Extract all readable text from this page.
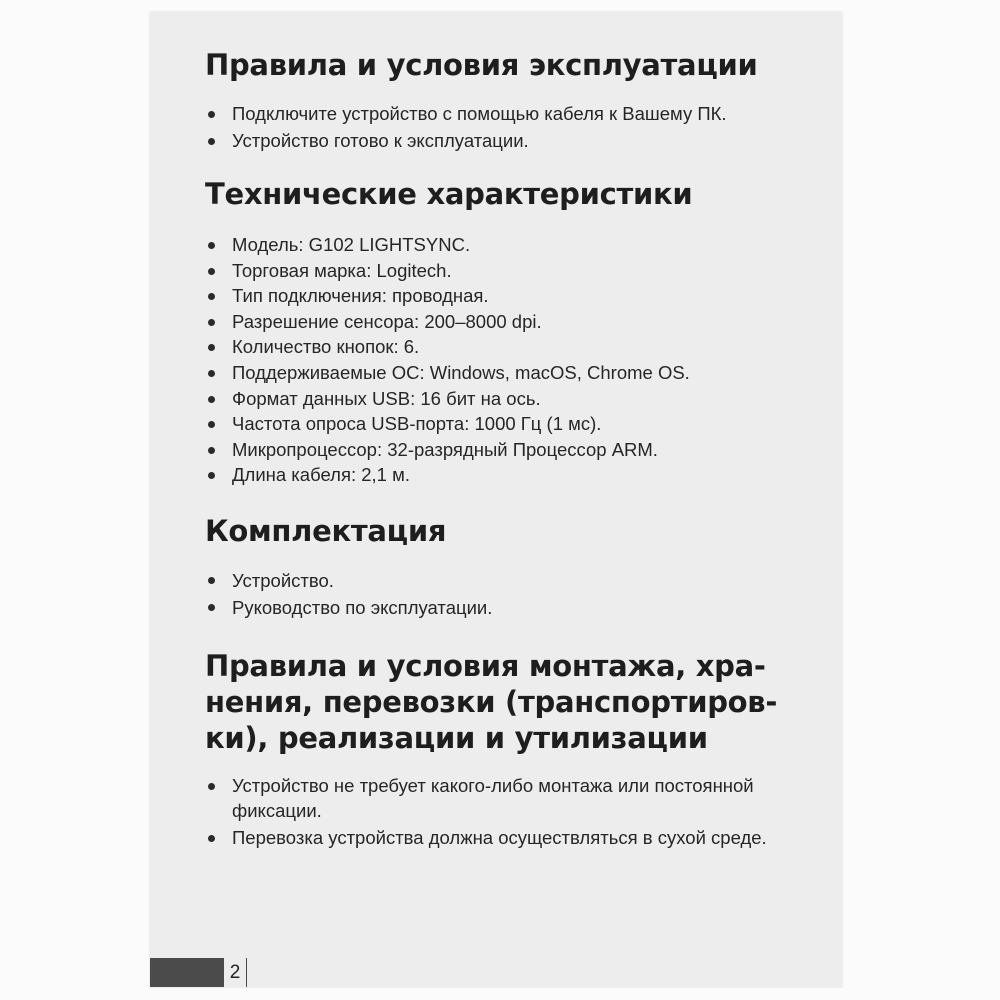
Правила и условия эксплуатации
Подключите устройство с помощью кабеля к Вашему ПК.
Устройство готово к эксплуатации.
Технические характеристики
Модель: G102 LIGHTSYNC.
Торговая марка: Logitech.
Тип подключения: проводная.
Разрешение сенсора: 200–8000 dpi.
Количество кнопок: 6.
Поддерживаемые ОС: Windows, macOS, Chrome OS.
Формат данных USB: 16 бит на ось.
Частота опроса USB-порта: 1000 Гц (1 мс).
Микропроцессор: 32-разрядный Процессор ARM.
Длина кабеля: 2,1 м.
Комплектация
Устройство.
Руководство по эксплуатации.
Правила и условия монтажа, хра-
нения, перевозки (транспортиров-
ки), реализации и утилизации
Устройство не требует какого-либо монтажа или постоянной фиксации.
Перевозка устройства должна осуществляться в сухой среде.
2
